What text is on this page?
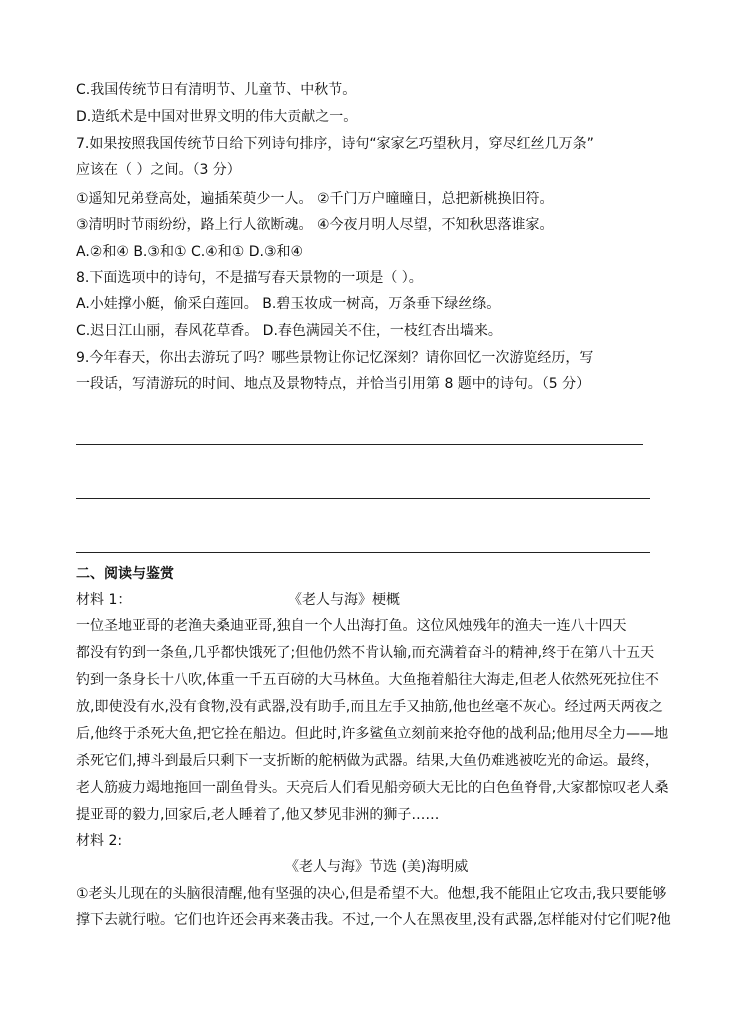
C.我国传统节日有清明节、儿童节、中秋节。
D.造纸术是中国对世界文明的伟大贡献之一。
7.如果按照我国传统节日给下列诗句排序，诗句“家家乞巧望秋月，穿尽红丝几万条”
应该在（ ）之间。（3 分）
①遥知兄弟登高处，遍插茱萸少一人。 ②千门万户曈曈日，总把新桃换旧符。
③清明时节雨纷纷，路上行人欲断魂。 ④今夜月明人尽望，不知秋思落谁家。
A.②和④ B.③和① C.④和① D.③和④
8.下面选项中的诗句，不是描写春天景物的一项是（ ）。
A.小娃撑小艇，偷采白莲回。 B.碧玉妆成一树高，万条垂下绿丝绦。
C.迟日江山丽，春风花草香。 D.春色满园关不住，一枝红杏出墙来。
9.今年春天，你出去游玩了吗？哪些景物让你记忆深刻？请你回忆一次游览经历，写
一段话，写清游玩的时间、地点及景物特点，并恰当引用第 8 题中的诗句。（5 分）
二、阅读与鉴赏
材料 1：	《老人与海》梗概
一位圣地亚哥的老渔夫桑迪亚哥,独自一个人出海打鱼。这位风烛残年的渔夫一连八十四天
都没有钓到一条鱼,几乎都快饿死了;但他仍然不肯认输,而充满着奋斗的精神,终于在第八十五天
钓到一条身长十八吹,体重一千五百磅的大马林鱼。大鱼拖着船往大海走,但老人依然死死拉住不
放,即使没有水,没有食物,没有武器,没有助手,而且左手又抽筋,他也丝毫不灰心。经过两天两夜之
后,他终于杀死大鱼,把它拴在船边。但此时,许多鲨鱼立刻前来抢夺他的战利品;他用尽全力——地
杀死它们,搏斗到最后只剩下一支折断的舵柄做为武器。结果,大鱼仍难逃被吃光的命运。最终，
老人筋疲力竭地拖回一副鱼骨头。天亮后人们看见船旁硕大无比的白色鱼脊骨,大家都惊叹老人桑
提亚哥的毅力,回家后,老人睡着了,他又梦见非洲的狮子……
材料 2:
《老人与海》节选 (美)海明威
①老头儿现在的头脑很清醒,他有坚强的决心,但是希望不大。他想,我不能阻止它攻击,我只要能够
撑下去就行啦。它们也许还会再来袭击我。不过,一个人在黑夜里,没有武器,怎样能对付它们呢?他
